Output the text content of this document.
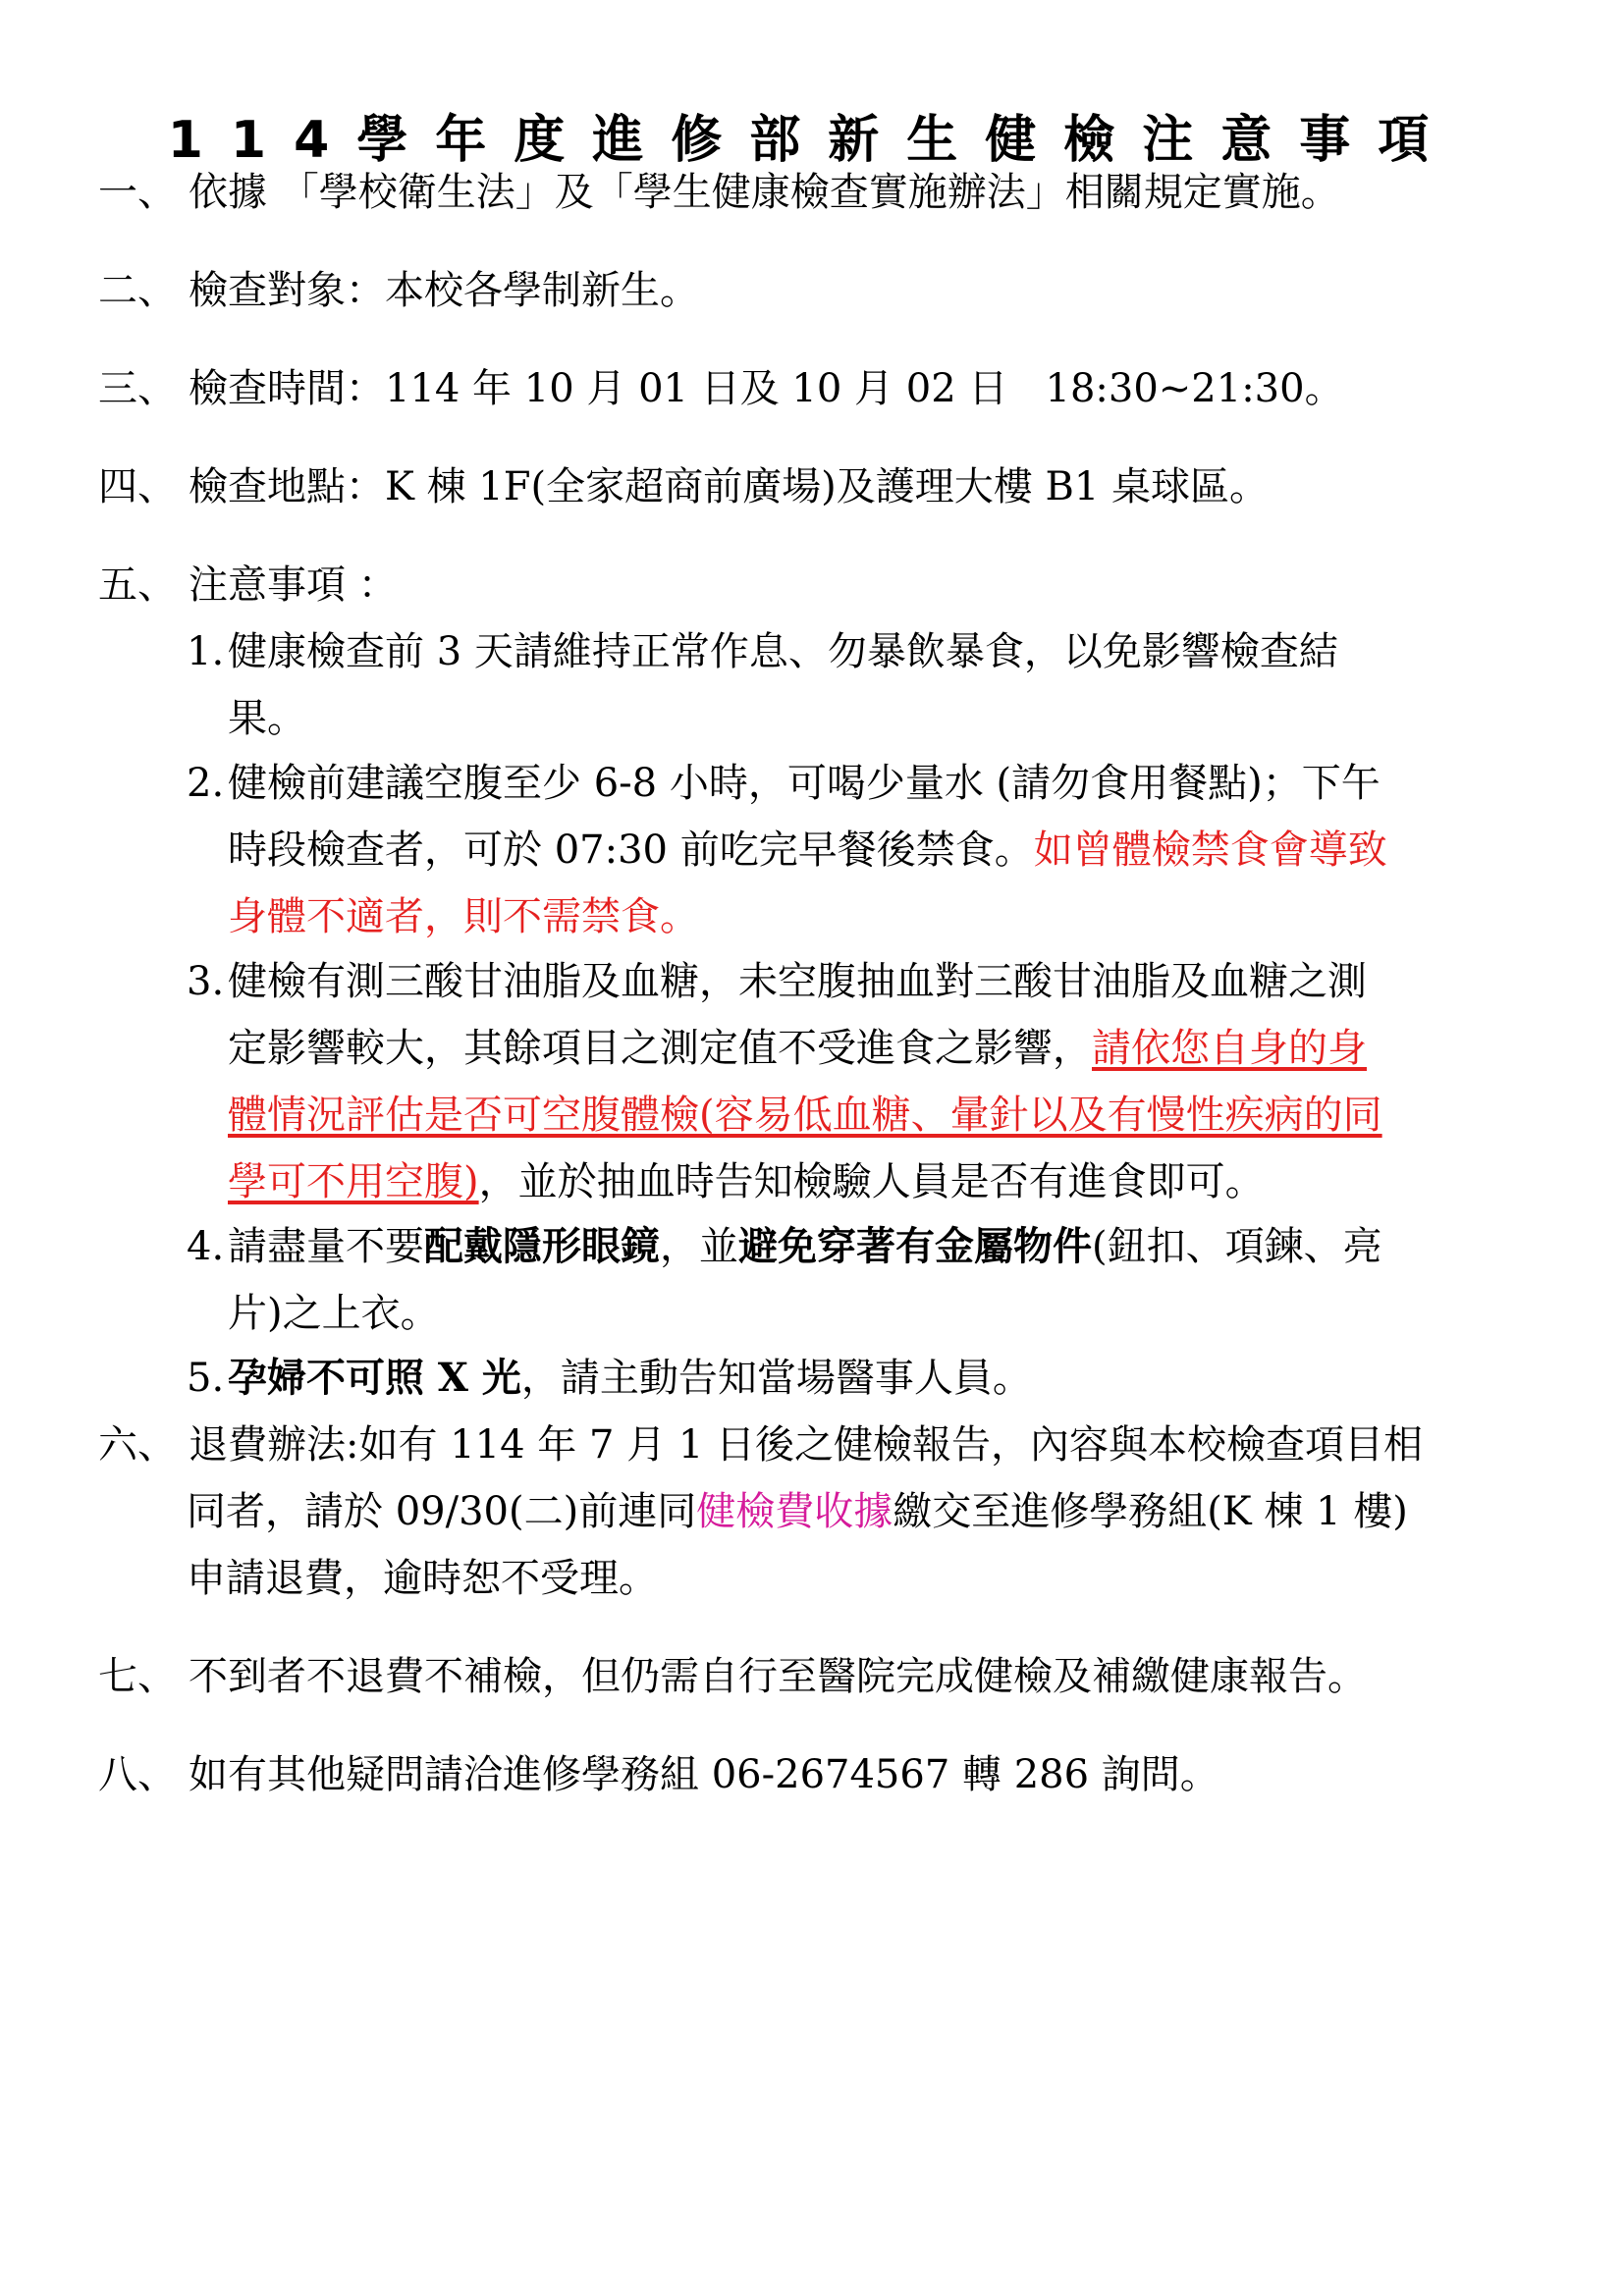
114學年度進修部新生健檢注意事項
一、 依據 「學校衛生法」及「學生健康檢查實施辦法」相關規定實施。
二、 檢查對象：本校各學制新生。
三、 檢查時間：114 年 10 月 01 日及 10 月 02 日   18:30~21:30。
四、 檢查地點：K 棟 1F(全家超商前廣場)及護理大樓 B1 桌球區。
五、 注意事項 ：
1.健康檢查前 3 天請維持正常作息、勿暴飲暴食，以免影響檢查結
果。
2.健檢前建議空腹至少 6-8 小時，可喝少量水 (請勿食用餐點)；下午
時段檢查者，可於 07:30 前吃完早餐後禁食。如曾體檢禁食會導致
身體不適者，則不需禁食。
3.健檢有測三酸甘油脂及血糖，未空腹抽血對三酸甘油脂及血糖之測
定影響較大，其餘項目之測定值不受進食之影響，請依您自身的身
體情況評估是否可空腹體檢(容易低血糖、暈針以及有慢性疾病的同
學可不用空腹)，並於抽血時告知檢驗人員是否有進食即可。
4.請盡量不要配戴隱形眼鏡，並避免穿著有金屬物件(鈕扣、項鍊、亮
片)之上衣。
5.孕婦不可照 X 光，請主動告知當場醫事人員。
六、 退費辦法:如有 114 年 7 月 1 日後之健檢報告，內容與本校檢查項目相
同者，請於 09/30(二)前連同健檢費收據繳交至進修學務組(K 棟 1 樓)
申請退費，逾時恕不受理。
七、 不到者不退費不補檢，但仍需自行至醫院完成健檢及補繳健康報告。
八、 如有其他疑問請洽進修學務組 06-2674567 轉 286 詢問。
